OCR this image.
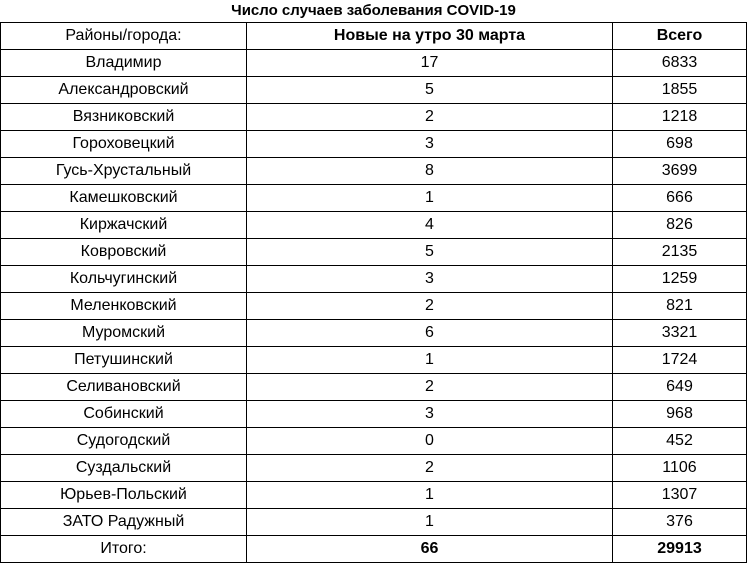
Число случаев заболевания COVID-19
Районы/города:	Новые на утро 30 марта	Всего
Владимир	17	6833
Александровский	5	1855
Вязниковский	2	1218
Гороховецкий	3	698
Гусь-Хрустальный	8	3699
Камешковский	1	666
Киржачский	4	826
Ковровский	5	2135
Кольчугинский	3	1259
Меленковский	2	821
Муромский	6	3321
Петушинский	1	1724
Селивановский	2	649
Собинский	3	968
Судогодский	0	452
Суздальский	2	1106
Юрьев-Польский	1	1307
ЗАТО Радужный	1	376
Итого:	66	29913
